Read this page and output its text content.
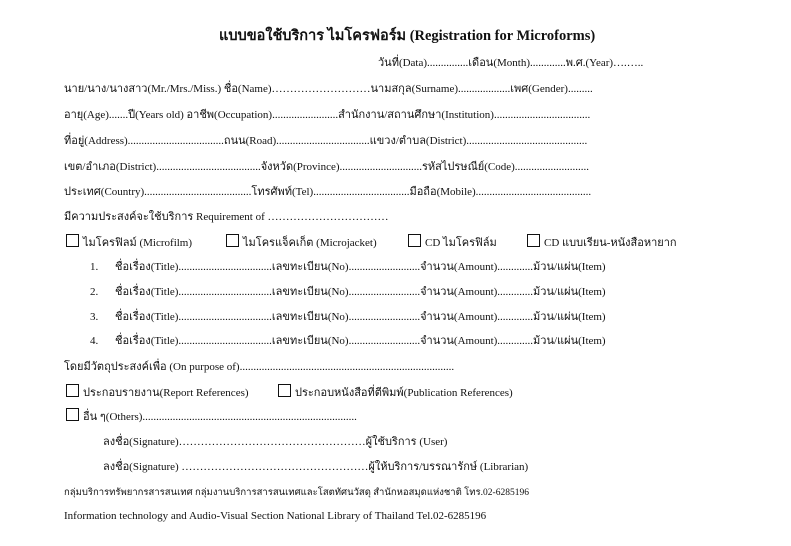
แบบขอใช้บริการ ไมโครฟอร์ม (Registration for Microforms)
วันที่(Data)...............เดือน(Month).............พ.ศ.(Year)….…..
นาย/นาง/นางสาว(Mr./Mrs./Miss.) ชื่อ(Name)………………………นามสกุล(Surname)...................เพศ(Gender).........
อายุ(Age).......ปี(Years old) อาชีพ(Occupation)........................สำนักงาน/สถานศึกษา(Institution)...................................
ที่อยู่(Address)...................................ถนน(Road)..................................แขวง/ตำบล(District)............................................
เขต/อำเภอ(District)......................................จังหวัด(Province)..............................รหัสไปรษณีย์(Code)...........................
ประเทศ(Country).......................................โทรศัพท์(Tel)...................................มือถือ(Mobile)..........................................
มีความประสงค์จะใช้บริการ Requirement of ……………………………
ไมโครฟิลม์ (Microfilm)	ไมโครแจ็คเก็ต (Microjacket)	CD ไมโครฟิล์ม	CD แบบเรียน-หนังสือหายาก
1. ชื่อเรื่อง(Title)..................................เลขทะเบียน(No)..........................จำนวน(Amount).............ม้วน/แผ่น(Item)
2. ชื่อเรื่อง(Title)..................................เลขทะเบียน(No)..........................จำนวน(Amount).............ม้วน/แผ่น(Item)
3. ชื่อเรื่อง(Title)..................................เลขทะเบียน(No)..........................จำนวน(Amount).............ม้วน/แผ่น(Item)
4. ชื่อเรื่อง(Title)..................................เลขทะเบียน(No)..........................จำนวน(Amount).............ม้วน/แผ่น(Item)
โดยมีวัตถุประสงค์เพื่อ (On purpose of)..............................................................................
ประกอบรายงาน(Report References)	ประกอบหนังสือที่ตีพิมพ์(Publication References)
อื่น ๆ(Others)..............................................................................
ลงชื่อ(Signature)……………………………………………ผู้ใช้บริการ (User)
ลงชื่อ(Signature) ……………………………………………ผู้ให้บริการ/บรรณารักษ์ (Librarian)
กลุ่มบริการทรัพยากรสารสนเทศ กลุ่มงานบริการสารสนเทศและโสตทัศนวัสดุ สำนักหอสมุดแห่งชาติ โทร.02-6285196
Information technology and Audio-Visual Section National Library of Thailand Tel.02-6285196
